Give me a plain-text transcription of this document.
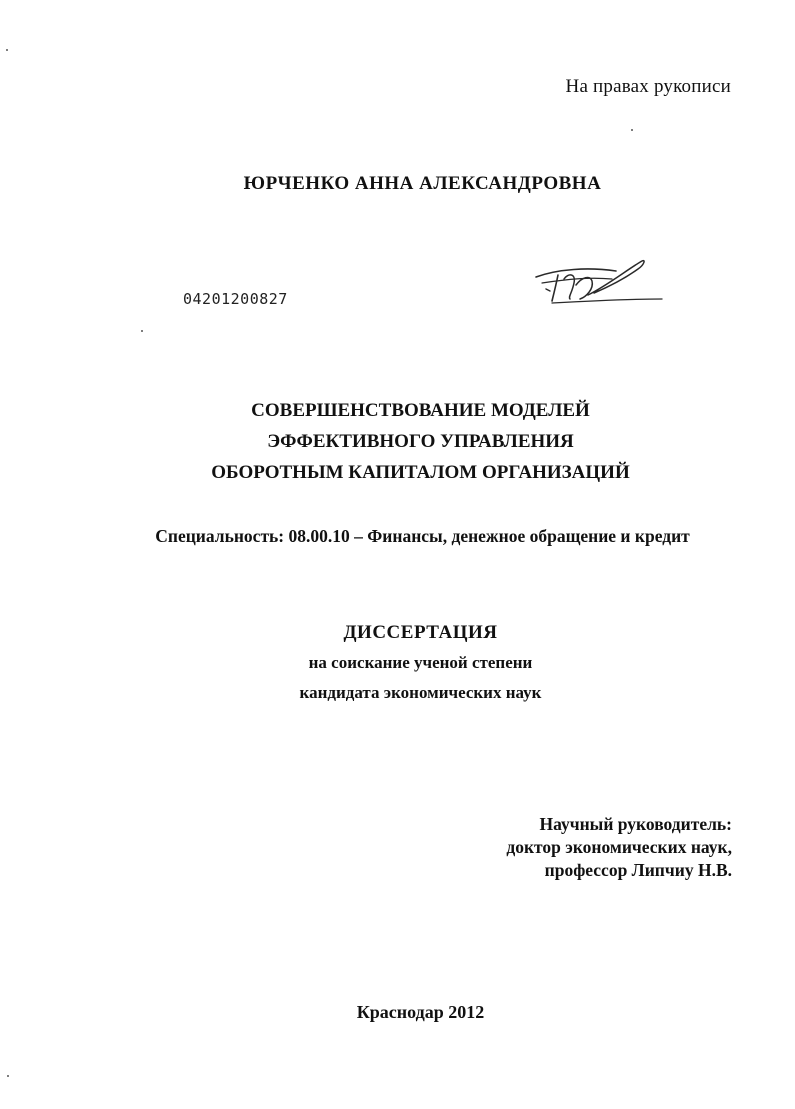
На правах рукописи
ЮРЧЕНКО АННА АЛЕКСАНДРОВНА
04201200827
СОВЕРШЕНСТВОВАНИЕ МОДЕЛЕЙ
ЭФФЕКТИВНОГО УПРАВЛЕНИЯ
ОБОРОТНЫМ КАПИТАЛОМ ОРГАНИЗАЦИЙ
Специальность: 08.00.10 – Финансы, денежное обращение и кредит
ДИССЕРТАЦИЯ
на соискание ученой степени
кандидата экономических наук
Научный руководитель:
доктор экономических наук,
профессор Липчиу Н.В.
Краснодар 2012
